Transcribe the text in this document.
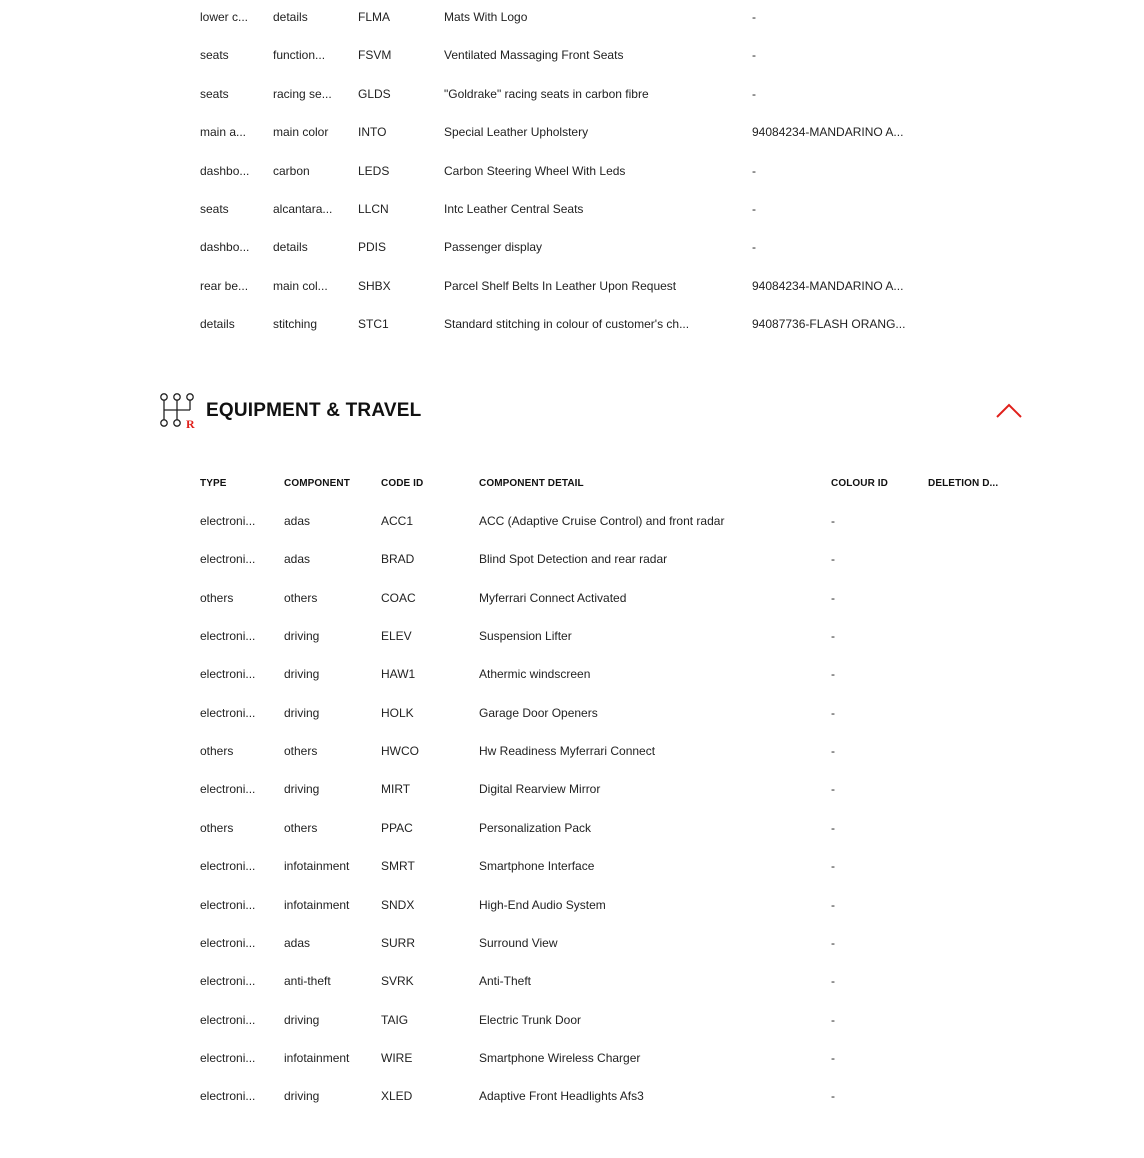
lower c...	details	FLMA	Mats With Logo	-
seats	function...	FSVM	Ventilated Massaging Front Seats	-
seats	racing se...	GLDS	"Goldrake" racing seats in carbon fibre	-
main a...	main color	INTO	Special Leather Upholstery	94084234-MANDARINO A...
dashbo...	carbon	LEDS	Carbon Steering Wheel With Leds	-
seats	alcantara...	LLCN	Intc Leather Central Seats	-
dashbo...	details	PDIS	Passenger display	-
rear be...	main col...	SHBX	Parcel Shelf Belts In Leather Upon Request	94084234-MANDARINO A...
details	stitching	STC1	Standard stitching in colour of customer's ch...	94087736-FLASH ORANG...
R
EQUIPMENT & TRAVEL
TYPE	COMPONENT	CODE ID	COMPONENT DETAIL	COLOUR ID	DELETION D...
electroni...	adas	ACC1	ACC (Adaptive Cruise Control) and front radar	-
electroni...	adas	BRAD	Blind Spot Detection and rear radar	-
others	others	COAC	Myferrari Connect Activated	-
electroni...	driving	ELEV	Suspension Lifter	-
electroni...	driving	HAW1	Athermic windscreen	-
electroni...	driving	HOLK	Garage Door Openers	-
others	others	HWCO	Hw Readiness Myferrari Connect	-
electroni...	driving	MIRT	Digital Rearview Mirror	-
others	others	PPAC	Personalization Pack	-
electroni...	infotainment	SMRT	Smartphone Interface	-
electroni...	infotainment	SNDX	High-End Audio System	-
electroni...	adas	SURR	Surround View	-
electroni...	anti-theft	SVRK	Anti-Theft	-
electroni...	driving	TAIG	Electric Trunk Door	-
electroni...	infotainment	WIRE	Smartphone Wireless Charger	-
electroni...	driving	XLED	Adaptive Front Headlights Afs3	-
